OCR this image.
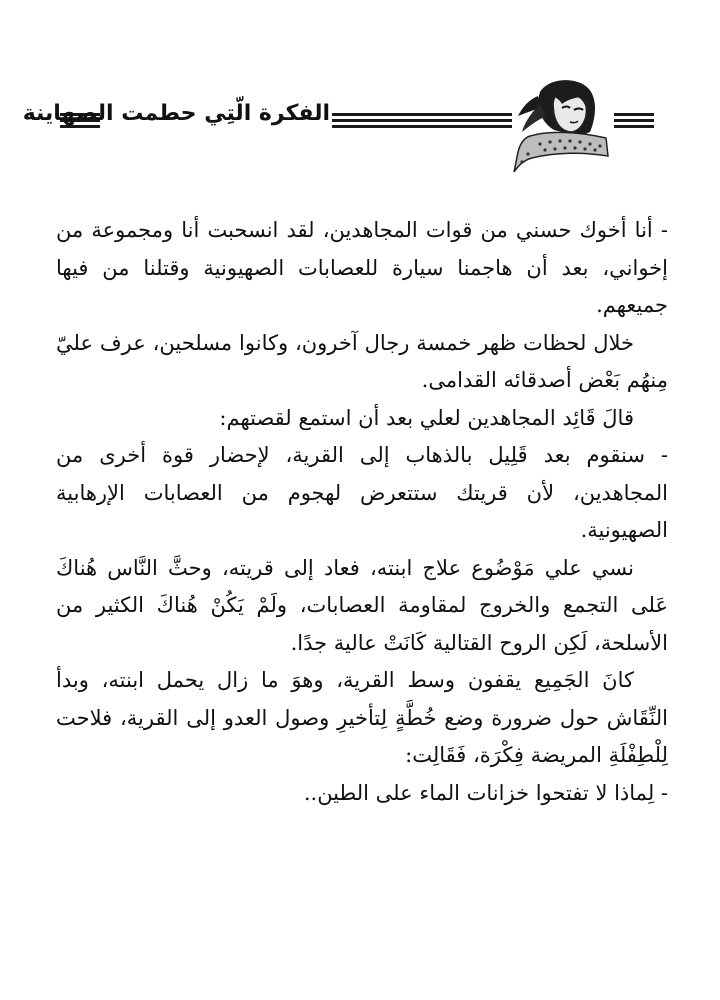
الفكرة الّتِي حطمت الصهاينة

- أنا أخوك حسني من قوات المجاهدين، لقد انسحبت أنا ومجموعة من إخواني، بعد أن هاجمنا سيارة للعصابات الصهيونية وقتلنا من فيها جميعهم.

خلال لحظات ظهر خمسة رجال آخرون، وكانوا مسلحين، عرف عليّ مِنهُم بَعْض أصدقائه القدامى.

قالَ قَائِد المجاهدين لعلي بعد أن استمع لقصتهم:

- سنقوم بعد قَلِيل بالذهاب إلى القرية، لإحضار قوة أخرى من المجاهدين، لأن قريتك ستتعرض لهجوم من العصابات الإرهابية الصهيونية.

نسي علي مَوْضُوع علاج ابنته، فعاد إلى قريته، وحثَّ النَّاس هُناكَ عَلى التجمع والخروج لمقاومة العصابات، ولَمْ يَكُنْ هُناكَ الكثير من الأسلحة، لَكِن الروح القتالية كَانَتْ عالية جدًا.

كانَ الجَمِيع يقفون وسط القرية، وهوَ ما زال يحمل ابنته، وبدأ النِّقَاش حول ضرورة وضع خُطَّةٍ لِتأخيرِ وصول العدو إلى القرية، فلاحت لِلْطِفْلَةِ المريضة فِكْرَة، فَقَالِت:

- لِماذا لا تفتحوا خزانات الماء على الطين..
